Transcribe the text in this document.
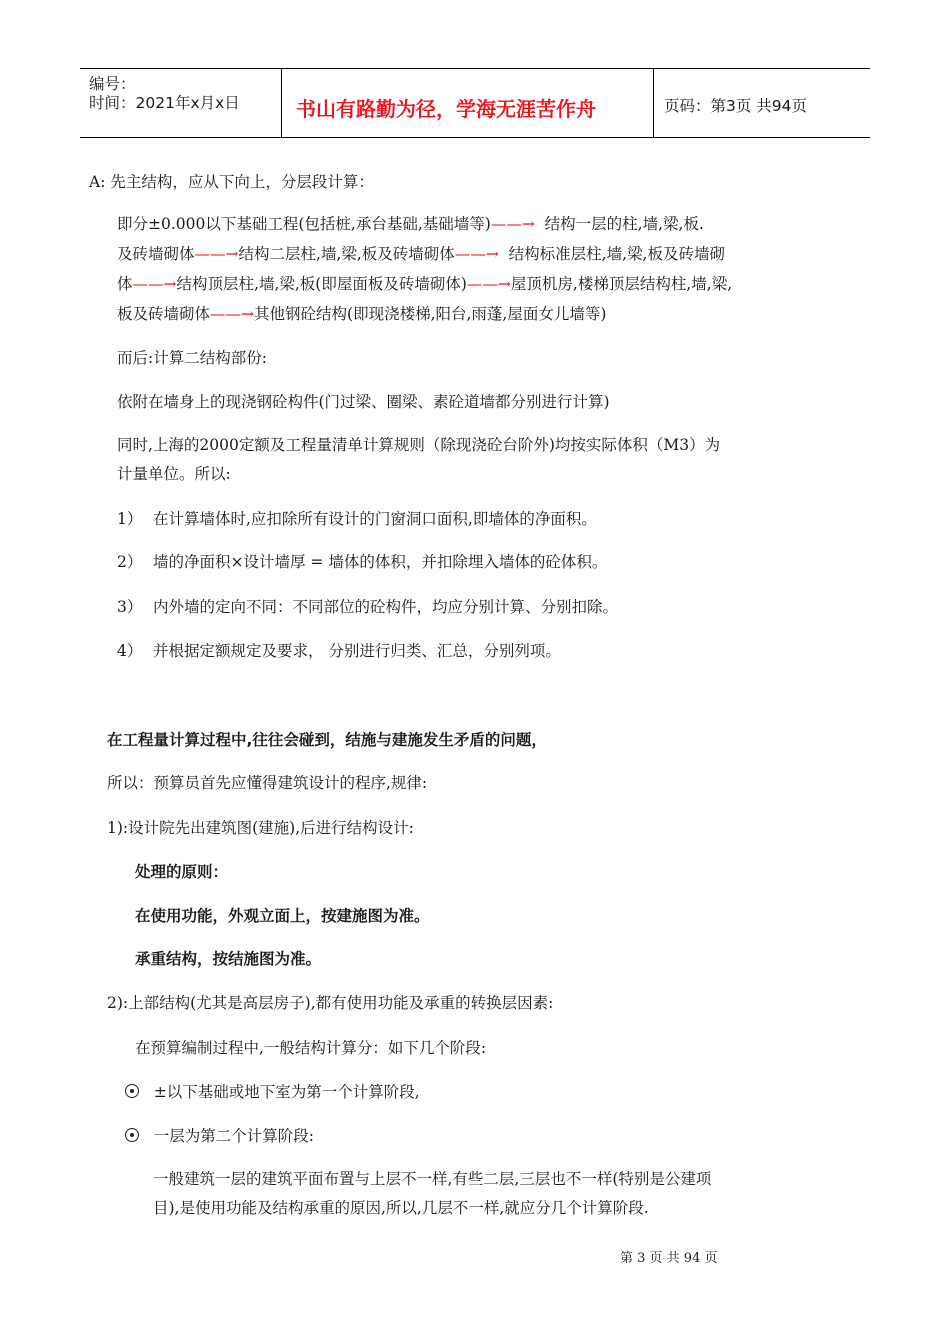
编号：
时间：2021年x月x日	书山有路勤为径，学海无涯苦作舟	页码：第3页 共94页
A: 先主结构，应从下向上，分层段计算：
即分±0.000以下基础工程(包括桩,承台基础,基础墙等)——→ 结构一层的柱,墙,梁,板.
及砖墙砌体——→结构二层柱,墙,梁,板及砖墙砌体——→ 结构标准层柱,墙,梁,板及砖墙砌
体——→结构顶层柱,墙,梁,板(即屋面板及砖墙砌体)——→屋顶机房,楼梯顶层结构柱,墙,梁,
板及砖墙砌体——→其他钢砼结构(即现浇楼梯,阳台,雨蓬,屋面女儿墙等)
而后:计算二结构部份:
依附在墙身上的现浇钢砼构件(门过梁、圈梁、素砼道墙都分别进行计算)
同时,上海的2000定额及工程量清单计算规则（除现浇砼台阶外)均按实际体积（M3）为
计量单位。所以:
1） 在计算墙体时,应扣除所有设计的门窗洞口面积,即墙体的净面积。
2） 墙的净面积×设计墙厚 = 墙体的体积，并扣除埋入墙体的砼体积。
3） 内外墙的定向不同：不同部位的砼构件，均应分别计算、分别扣除。
4） 并根据定额规定及要求， 分别进行归类、汇总，分别列项。
在工程量计算过程中,往往会碰到，结施与建施发生矛盾的问题，
所以：预算员首先应懂得建筑设计的程序,规律:
1):设计院先出建筑图(建施),后进行结构设计:
处理的原则：
在使用功能，外观立面上，按建施图为准。
承重结构，按结施图为准。
2):上部结构(尤其是高层房子),都有使用功能及承重的转换层因素:
在预算编制过程中,一般结构计算分：如下几个阶段:
±以下基础或地下室为第一个计算阶段,
一层为第二个计算阶段:
一般建筑一层的建筑平面布置与上层不一样,有些二层,三层也不一样(特别是公建项
目),是使用功能及结构承重的原因,所以,几层不一样,就应分几个计算阶段.
第 3 页 共 94 页
